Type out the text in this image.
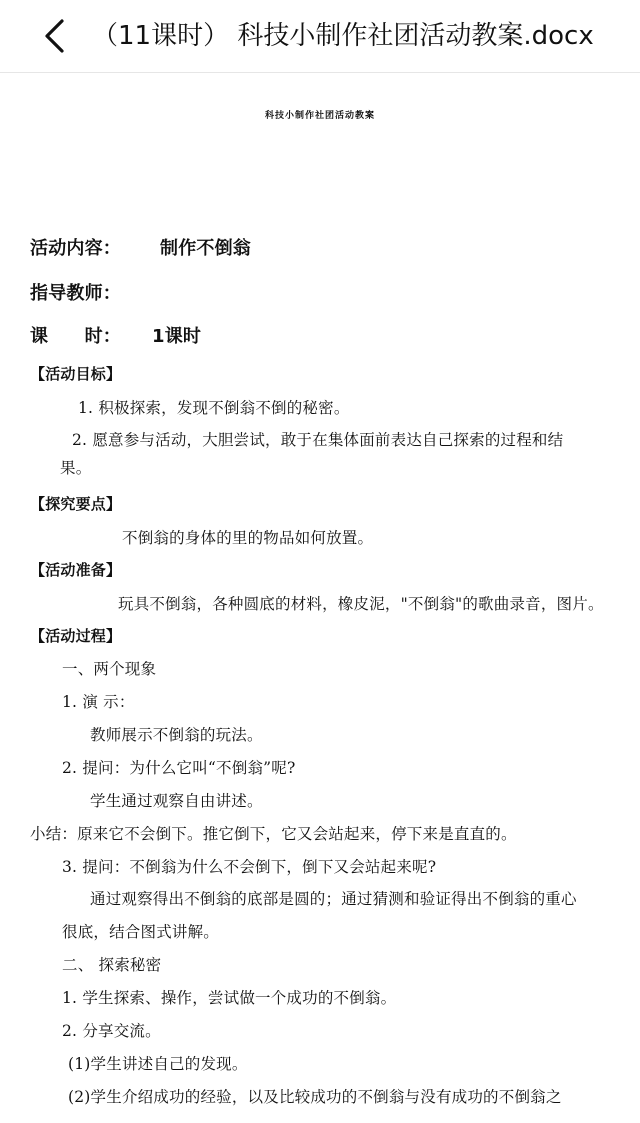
（11课时） 科技小制作社团活动教案.docx
科技小制作社团活动教案
活动内容： 制作不倒翁
指导教师：
课　　时： 1课时
【活动目标】
1. 积极探索，发现不倒翁不倒的秘密。
2. 愿意参与活动，大胆尝试，敢于在集体面前表达自己探索的过程和结
果。
【探究要点】
不倒翁的身体的里的物品如何放置。
【活动准备】
玩具不倒翁，各种圆底的材料，橡皮泥，"不倒翁"的歌曲录音，图片。
【活动过程】
一、两个现象
1. 演 示：
教师展示不倒翁的玩法。
2. 提问：为什么它叫“不倒翁”呢?
学生通过观察自由讲述。
小结：原来它不会倒下。推它倒下，它又会站起来，停下来是直直的。
3. 提问：不倒翁为什么不会倒下，倒下又会站起来呢?
通过观察得出不倒翁的底部是圆的；通过猜测和验证得出不倒翁的重心
很底，结合图式讲解。
二、 探索秘密
1. 学生探索、操作，尝试做一个成功的不倒翁。
2. 分享交流。
(1)学生讲述自己的发现。
(2)学生介绍成功的经验，以及比较成功的不倒翁与没有成功的不倒翁之
